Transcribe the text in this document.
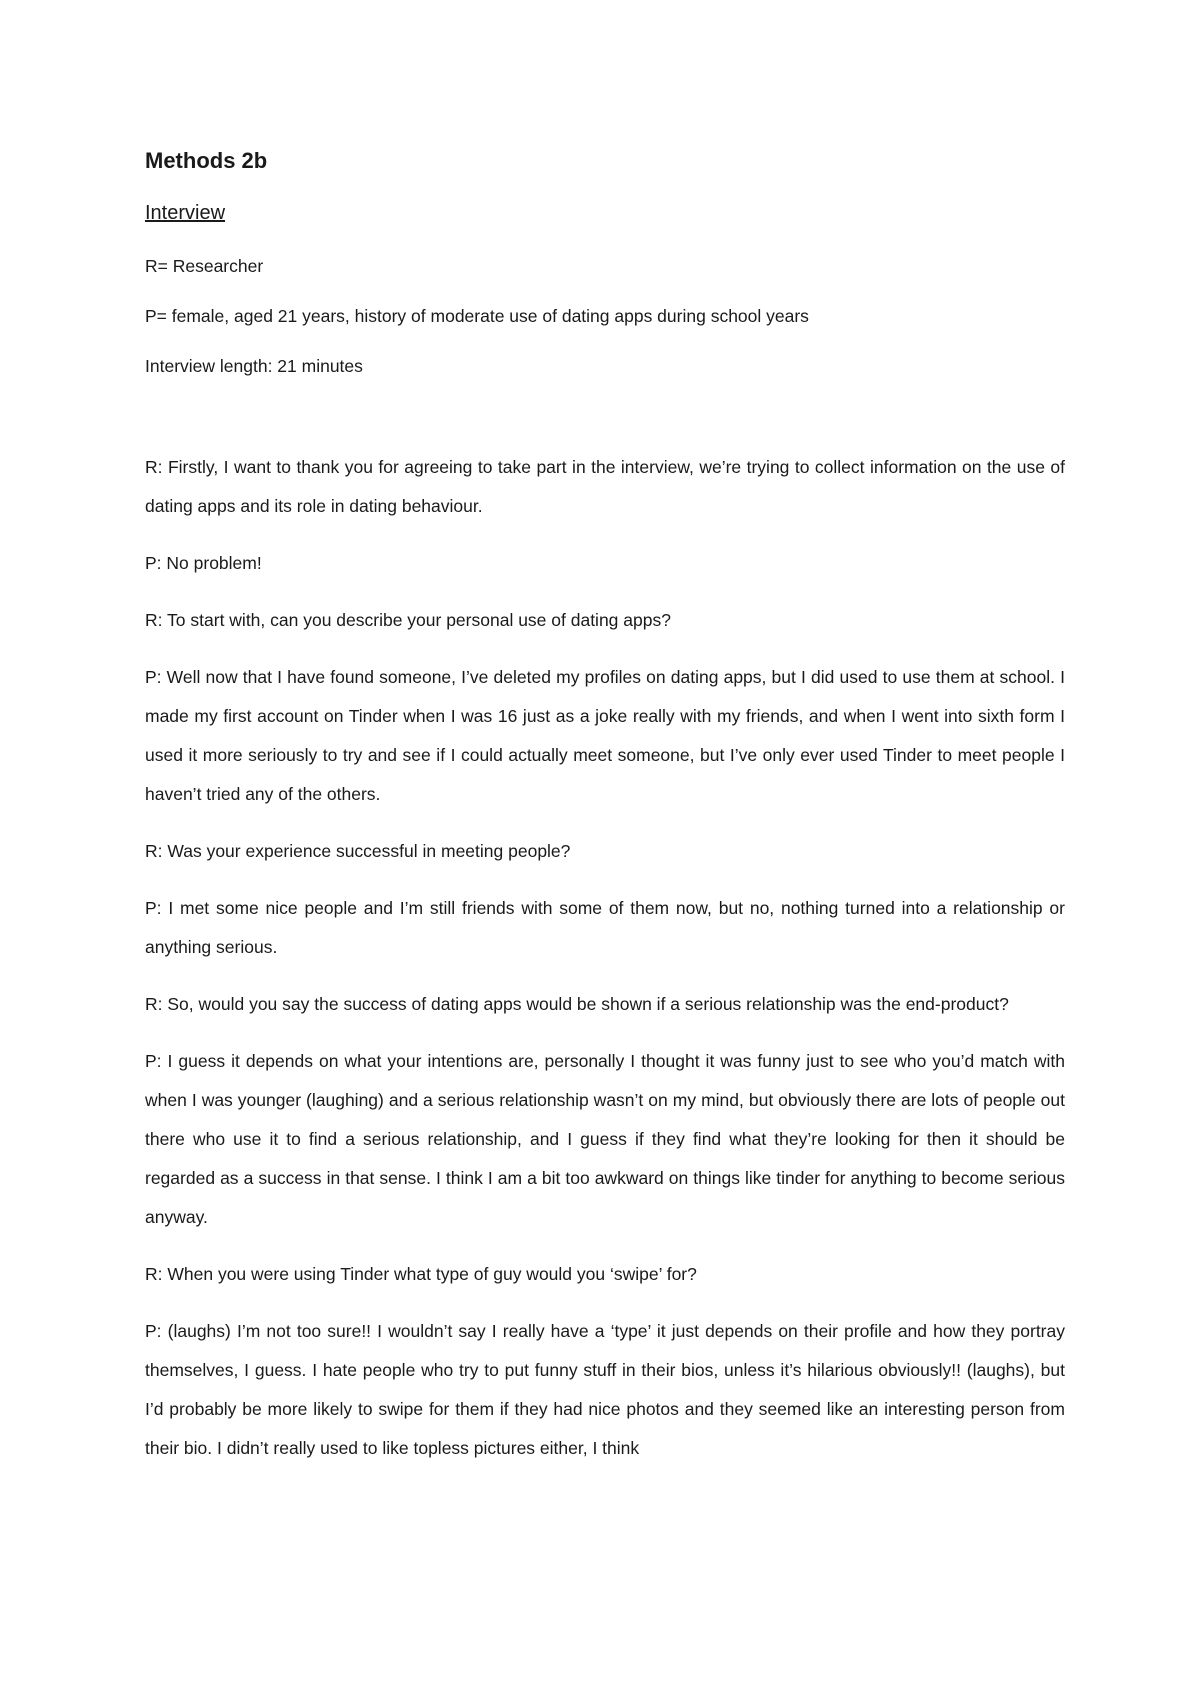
Methods 2b
Interview

R= Researcher

P= female, aged 21 years, history of moderate use of dating apps during school years

Interview length: 21 minutes

R: Firstly, I want to thank you for agreeing to take part in the interview, we’re trying to collect information on the use of dating apps and its role in dating behaviour.

P: No problem!

R: To start with, can you describe your personal use of dating apps?

P: Well now that I have found someone, I’ve deleted my profiles on dating apps, but I did used to use them at school. I made my first account on Tinder when I was 16 just as a joke really with my friends, and when I went into sixth form I used it more seriously to try and see if I could actually meet someone, but I’ve only ever used Tinder to meet people I haven’t tried any of the others.

R: Was your experience successful in meeting people?

P: I met some nice people and I’m still friends with some of them now, but no, nothing turned into a relationship or anything serious.

R: So, would you say the success of dating apps would be shown if a serious relationship was the end-product?

P: I guess it depends on what your intentions are, personally I thought it was funny just to see who you’d match with when I was younger (laughing) and a serious relationship wasn’t on my mind, but obviously there are lots of people out there who use it to find a serious relationship, and I guess if they find what they’re looking for then it should be regarded as a success in that sense. I think I am a bit too awkward on things like tinder for anything to become serious anyway.

R: When you were using Tinder what type of guy would you ‘swipe’ for?

P: (laughs) I’m not too sure!! I wouldn’t say I really have a ‘type’ it just depends on their profile and how they portray themselves, I guess. I hate people who try to put funny stuff in their bios, unless it’s hilarious obviously!! (laughs), but I’d probably be more likely to swipe for them if they had nice photos and they seemed like an interesting person from their bio. I didn’t really used to like topless pictures either, I think
